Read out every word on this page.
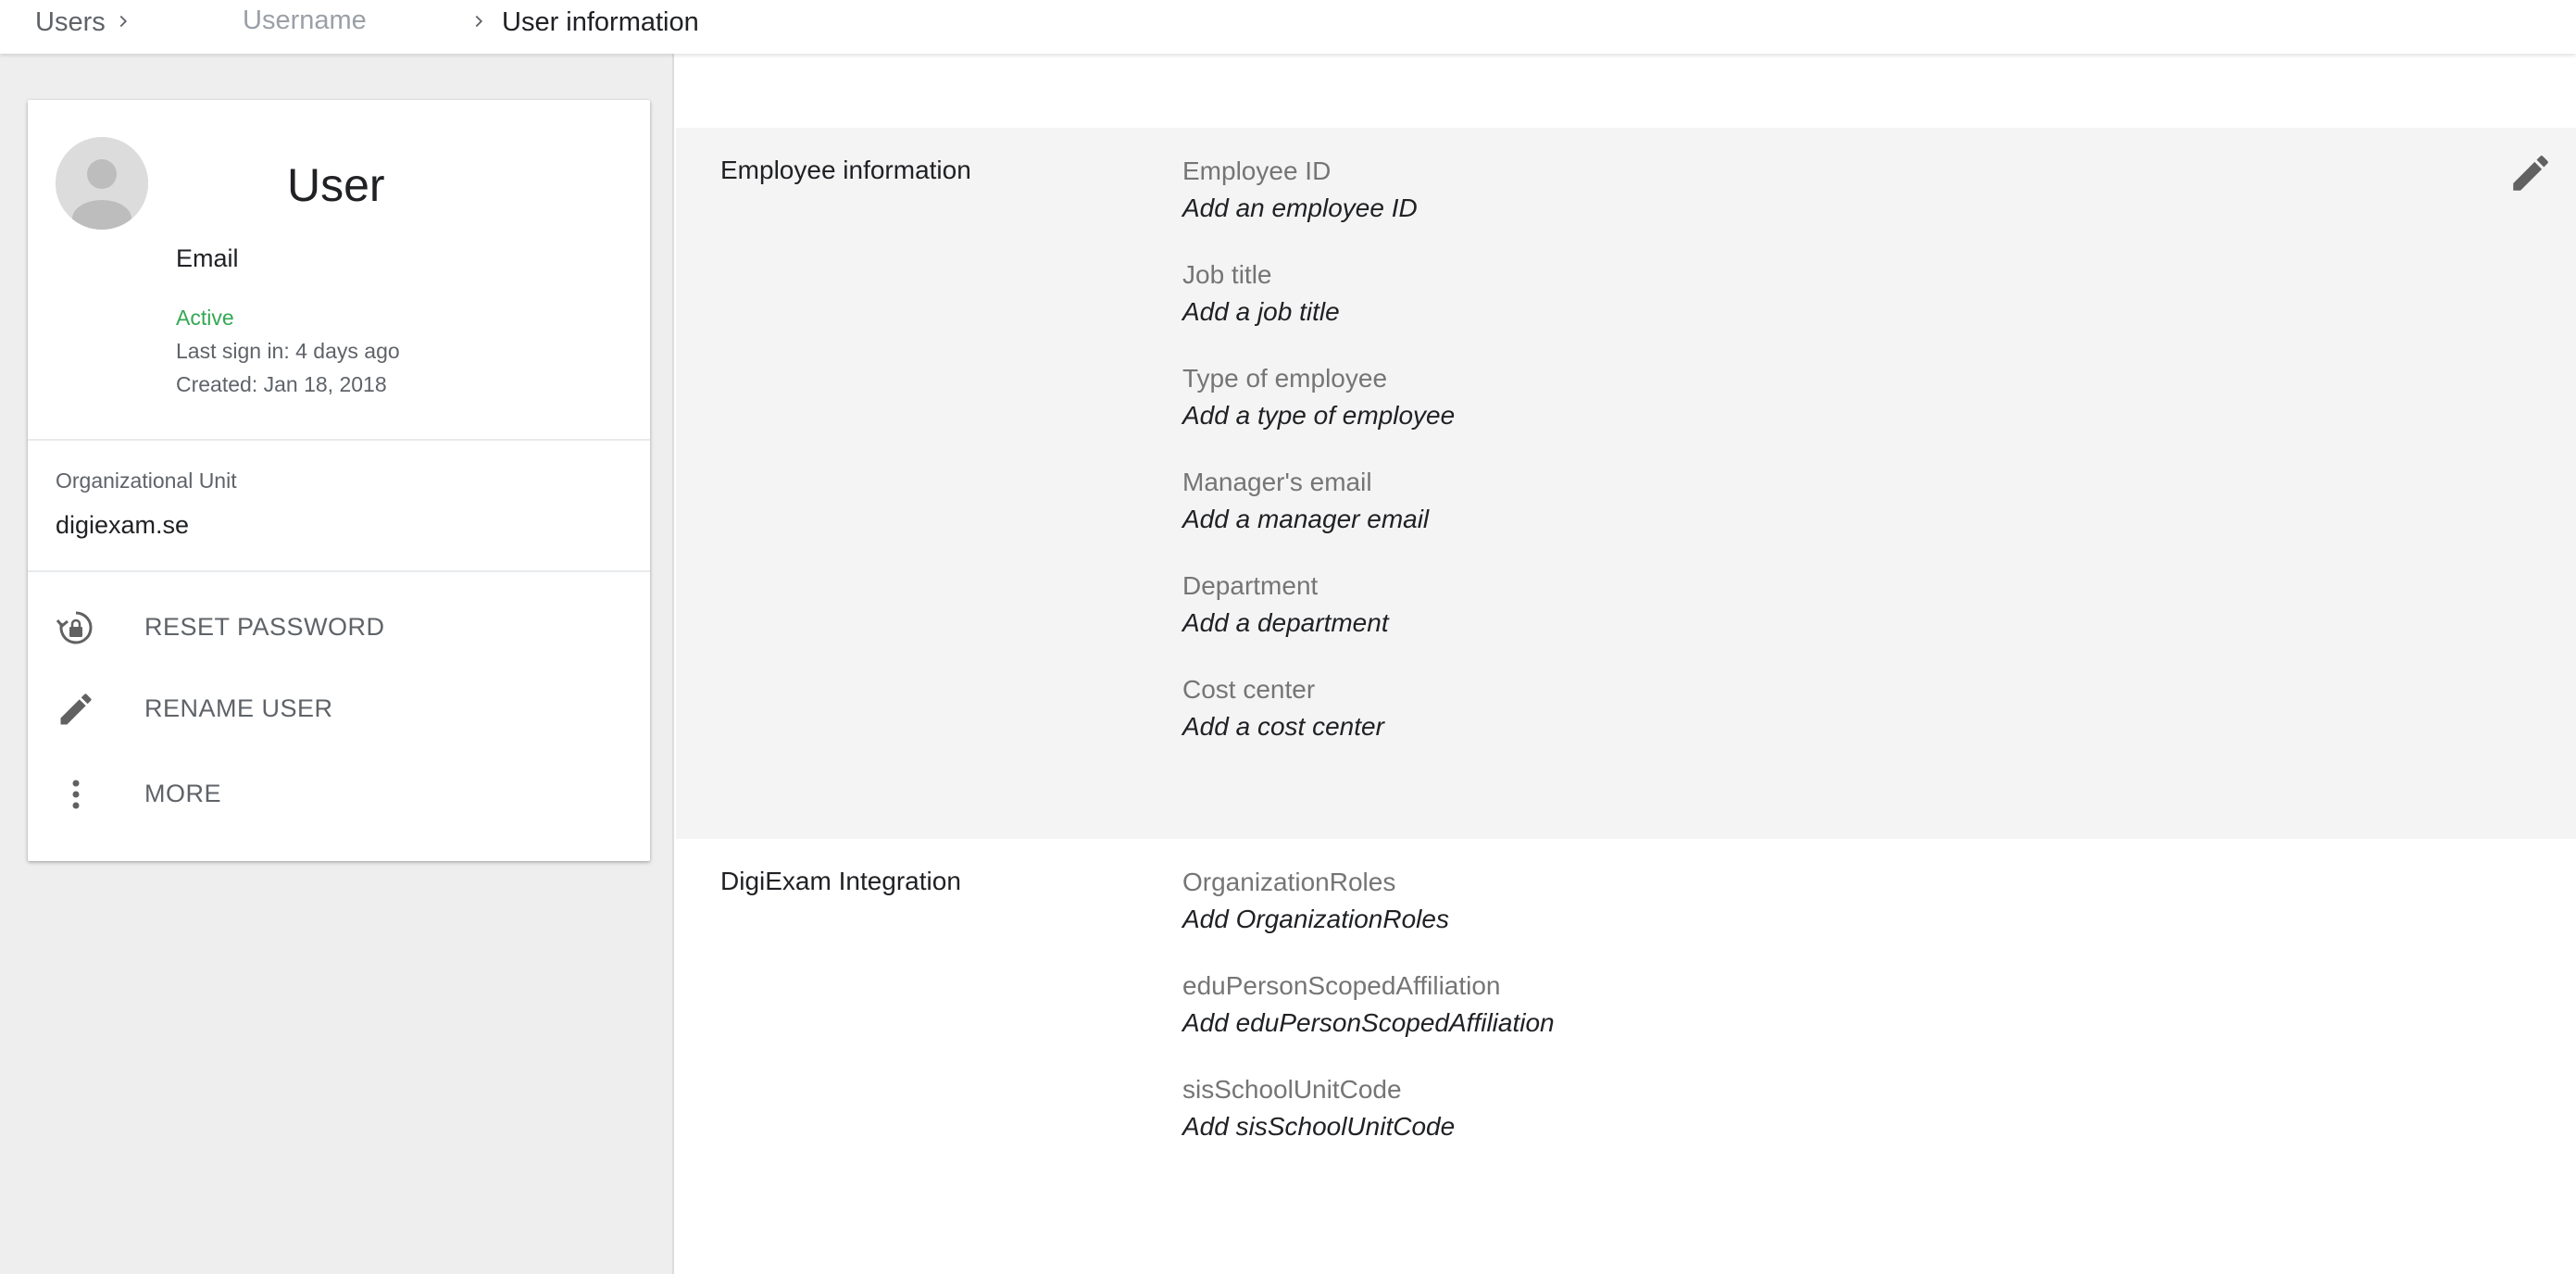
Users	Username	User information
User
Email
Active
Last sign in: 4 days ago
Created: Jan 18, 2018
Organizational Unit
digiexam.se
RESET PASSWORD
RENAME USER
MORE
Employee information	Employee ID
Add an employee ID
Job title
Add a job title
Type of employee
Add a type of employee
Manager's email
Add a manager email
Department
Add a department
Cost center
Add a cost center
DigiExam Integration	OrganizationRoles
Add OrganizationRoles
eduPersonScopedAffiliation
Add eduPersonScopedAffiliation
sisSchoolUnitCode
Add sisSchoolUnitCode
